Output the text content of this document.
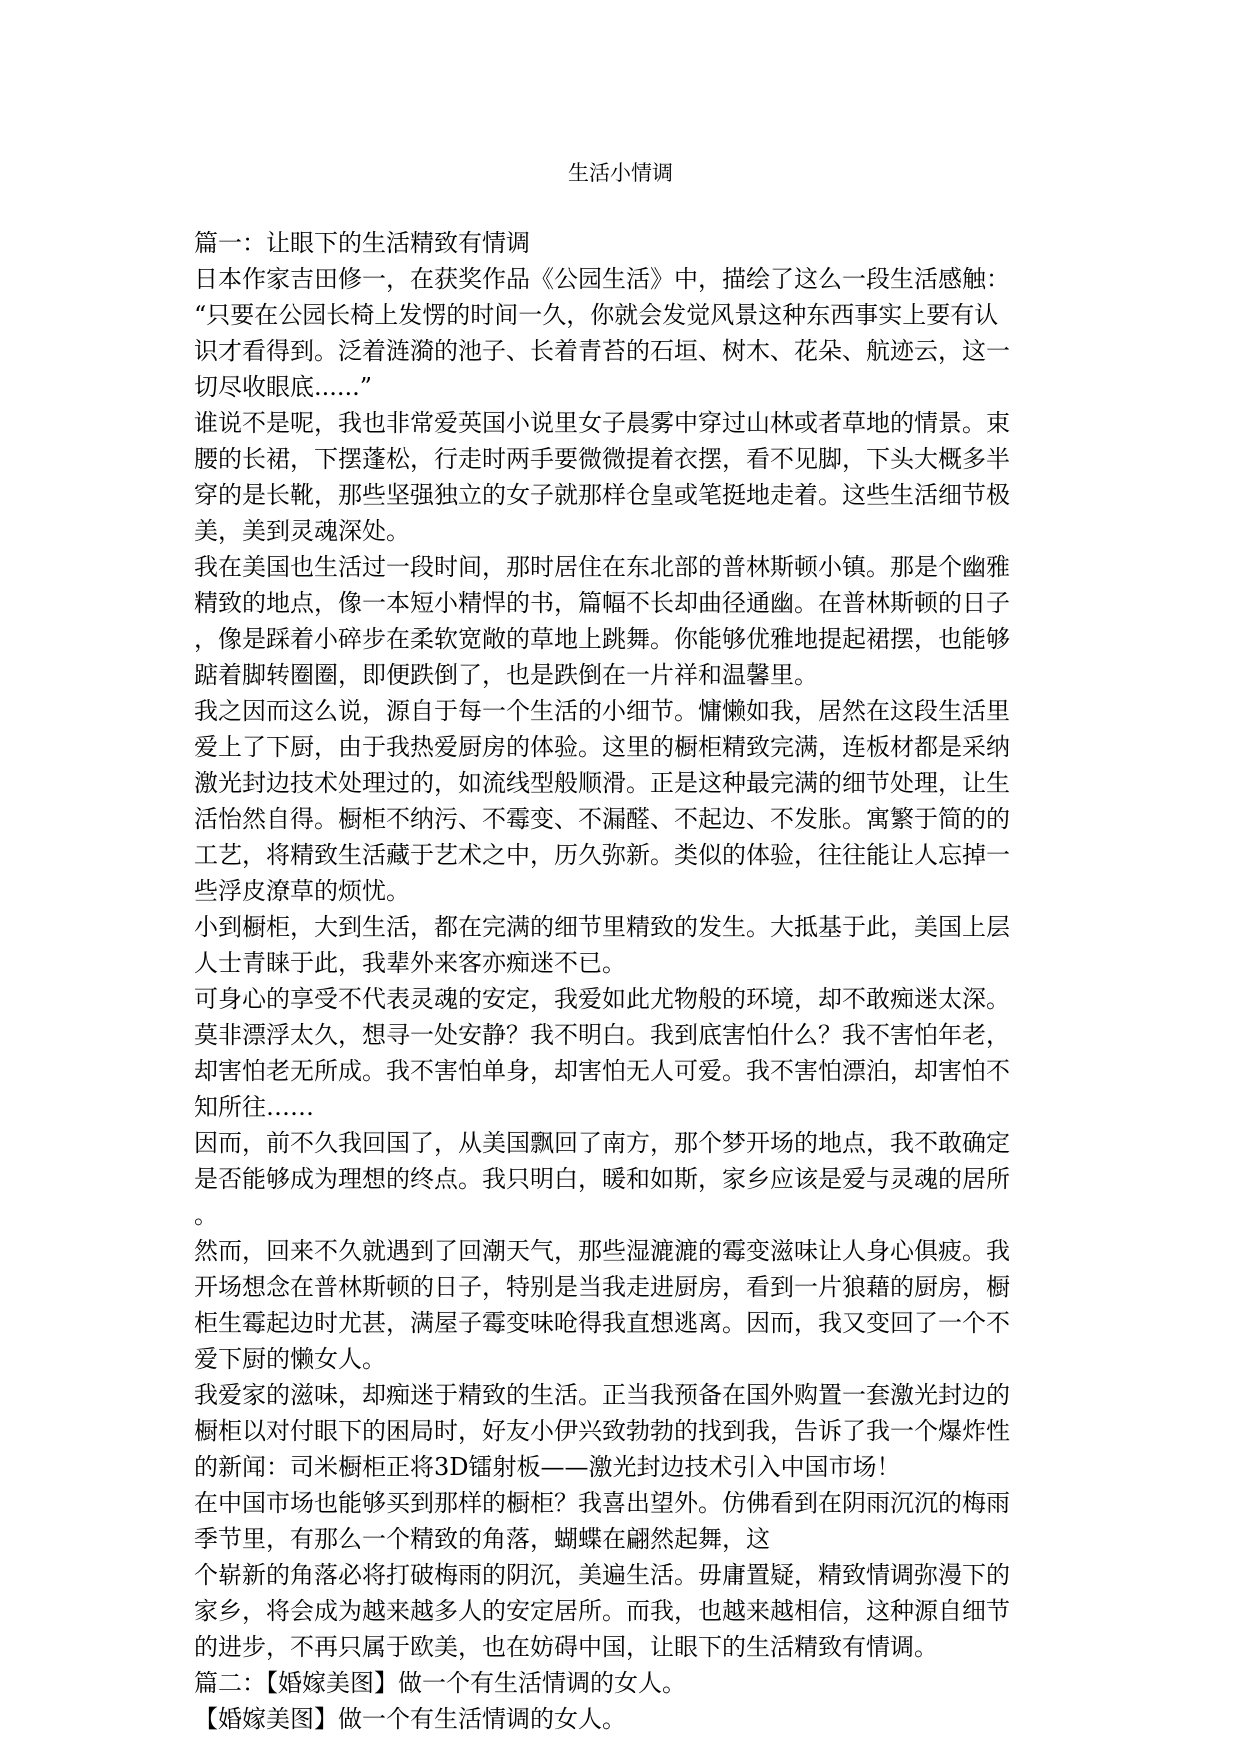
生活小情调
篇一：让眼下的生活精致有情调
日本作家吉田修一，在获奖作品《公园生活》中，描绘了这么一段生活感触：
“只要在公园长椅上发愣的时间一久，你就会发觉风景这种东西事实上要有认
识才看得到。泛着涟漪的池子、长着青苔的石垣、树木、花朵、航迹云，这一
切尽收眼底......”
谁说不是呢，我也非常爱英国小说里女子晨雾中穿过山林或者草地的情景。束
腰的长裙，下摆蓬松，行走时两手要微微提着衣摆，看不见脚，下头大概多半
穿的是长靴，那些坚强独立的女子就那样仓皇或笔挺地走着。这些生活细节极
美，美到灵魂深处。
我在美国也生活过一段时间，那时居住在东北部的普林斯顿小镇。那是个幽雅
精致的地点，像一本短小精悍的书，篇幅不长却曲径通幽。在普林斯顿的日子
，像是踩着小碎步在柔软宽敞的草地上跳舞。你能够优雅地提起裙摆，也能够
踮着脚转圈圈，即便跌倒了，也是跌倒在一片祥和温馨里。
我之因而这么说，源自于每一个生活的小细节。慵懒如我，居然在这段生活里
爱上了下厨，由于我热爱厨房的体验。这里的橱柜精致完满，连板材都是采纳
激光封边技术处理过的，如流线型般顺滑。正是这种最完满的细节处理，让生
活怡然自得。橱柜不纳污、不霉变、不漏醛、不起边、不发胀。寓繁于简的的
工艺，将精致生活藏于艺术之中，历久弥新。类似的体验，往往能让人忘掉一
些浮皮潦草的烦忧。
小到橱柜，大到生活，都在完满的细节里精致的发生。大抵基于此，美国上层
人士青睐于此，我辈外来客亦痴迷不已。
可身心的享受不代表灵魂的安定，我爱如此尤物般的环境，却不敢痴迷太深。
莫非漂浮太久，想寻一处安静？我不明白。我到底害怕什么？我不害怕年老，
却害怕老无所成。我不害怕单身，却害怕无人可爱。我不害怕漂泊，却害怕不
知所往……
因而，前不久我回国了，从美国飘回了南方，那个梦开场的地点，我不敢确定
是否能够成为理想的终点。我只明白，暖和如斯，家乡应该是爱与灵魂的居所
。
然而，回来不久就遇到了回潮天气，那些湿漉漉的霉变滋味让人身心俱疲。我
开场想念在普林斯顿的日子，特别是当我走进厨房，看到一片狼藉的厨房，橱
柜生霉起边时尤甚，满屋子霉变味呛得我直想逃离。因而，我又变回了一个不
爱下厨的懒女人。
我爱家的滋味，却痴迷于精致的生活。正当我预备在国外购置一套激光封边的
橱柜以对付眼下的困局时，好友小伊兴致勃勃的找到我，告诉了我一个爆炸性
的新闻：司米橱柜正将3D镭射板——激光封边技术引入中国市场！
在中国市场也能够买到那样的橱柜？我喜出望外。仿佛看到在阴雨沉沉的梅雨
季节里，有那么一个精致的角落，蝴蝶在翩然起舞，这
个崭新的角落必将打破梅雨的阴沉，美遍生活。毋庸置疑，精致情调弥漫下的
家乡，将会成为越来越多人的安定居所。而我，也越来越相信，这种源自细节
的进步，不再只属于欧美，也在妨碍中国，让眼下的生活精致有情调。
篇二：【婚嫁美图】做一个有生活情调的女人。
【婚嫁美图】做一个有生活情调的女人。
